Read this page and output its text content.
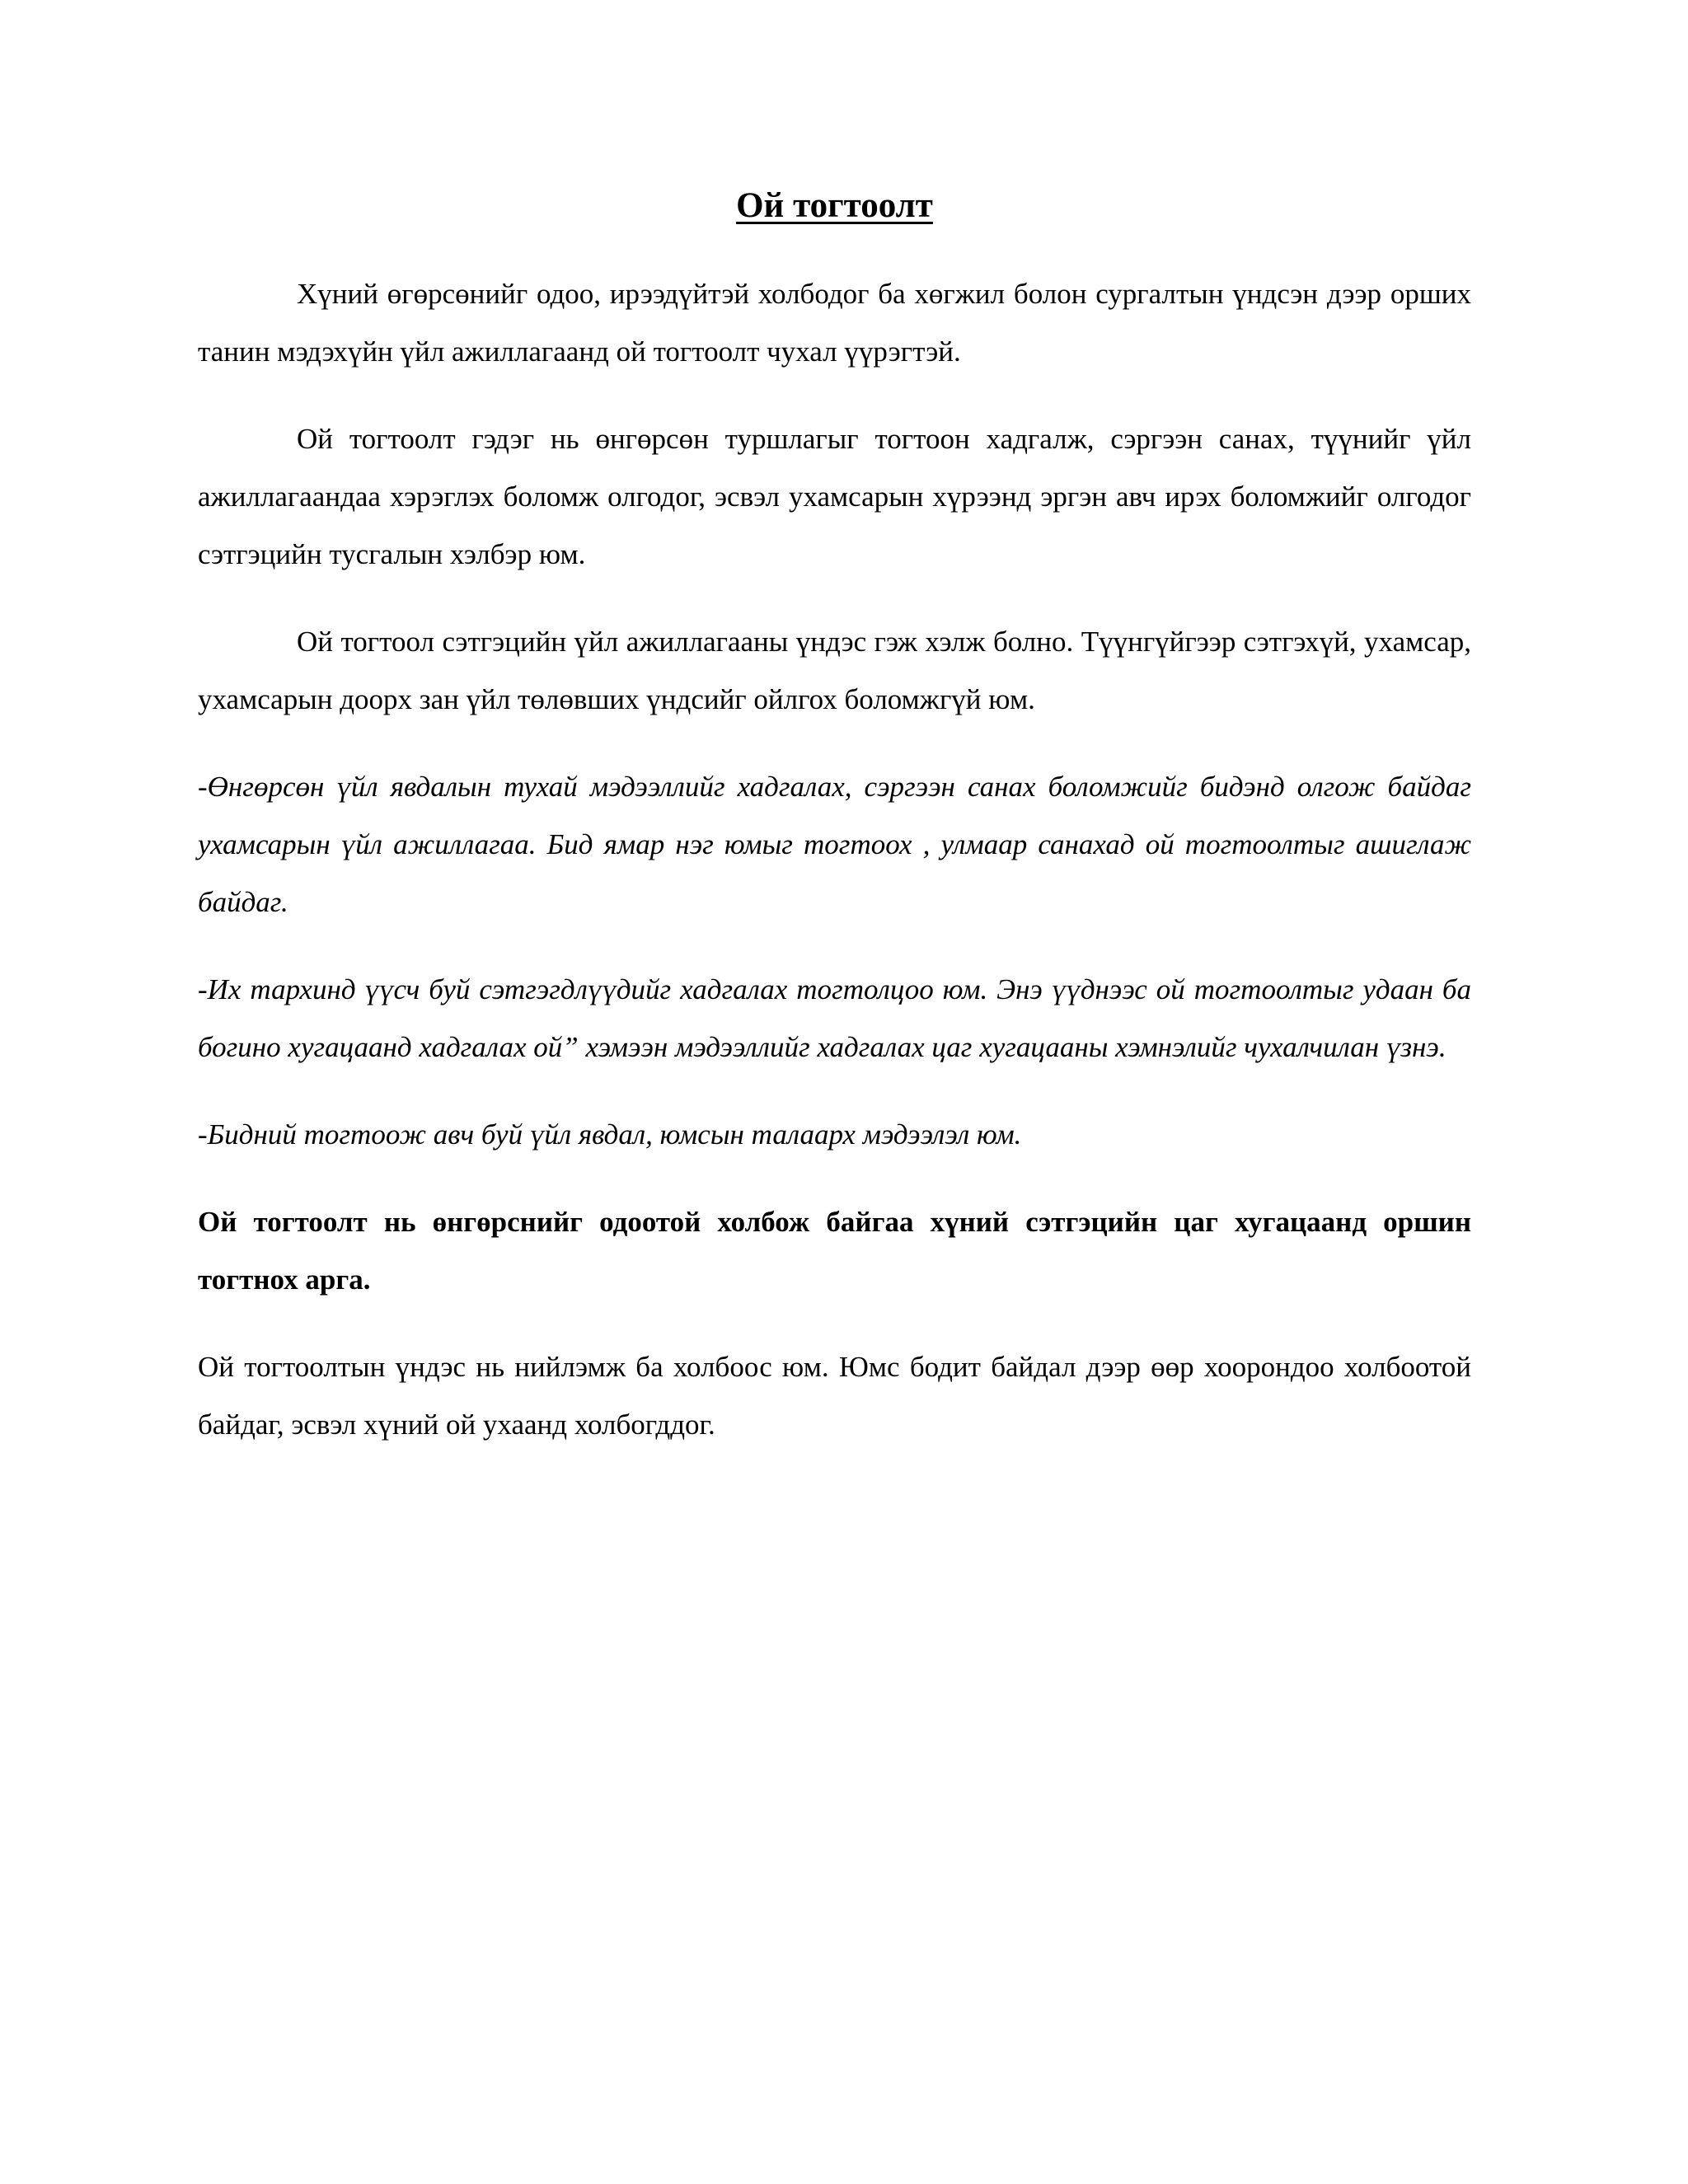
Ой тогтоолт

Хүний өгөрсөнийг одоо, ирээдүйтэй холбодог ба хөгжил болон сургалтын үндсэн дээр орших танин мэдэхүйн үйл ажиллагаанд ой тогтоолт чухал үүрэгтэй.

Ой тогтоолт гэдэг нь өнгөрсөн туршлагыг тогтоон хадгалж, сэргээн санах, түүнийг үйл ажиллагаандаа хэрэглэх боломж олгодог, эсвэл ухамсарын хүрээнд эргэн авч ирэх боломжийг олгодог сэтгэцийн тусгалын хэлбэр юм.

Ой тогтоол сэтгэцийн үйл ажиллагааны үндэс гэж хэлж болно. Түүнгүйгээр сэтгэхүй, ухамсар, ухамсарын доорх зан үйл төлөвших үндсийг ойлгох боломжгүй юм.

-Өнгөрсөн үйл явдалын тухай мэдээллийг хадгалах, сэргээн санах боломжийг бидэнд олгож байдаг ухамсарын үйл ажиллагаа. Бид ямар нэг юмыг тогтоох , улмаар санахад ой тогтоолтыг ашиглаж байдаг.

-Их тархинд үүсч буй сэтгэгдлүүдийг хадгалах тогтолцоо юм. Энэ үүднээс ой тогтоолтыг удаан ба богино хугацаанд хадгалах ой” хэмээн мэдээллийг хадгалах цаг хугацааны хэмнэлийг чухалчилан үзнэ.

-Бидний тогтоож авч буй үйл явдал, юмсын талаарх мэдээлэл юм.

Ой тогтоолт нь өнгөрснийг одоотой холбож байгаа хүний сэтгэцийн цаг хугацаанд оршин тогтнох арга.

Ой тогтоолтын үндэс нь нийлэмж ба холбоос юм. Юмс бодит байдал дээр өөр хоорондоо холбоотой байдаг, эсвэл хүний ой ухаанд холбогддог.
